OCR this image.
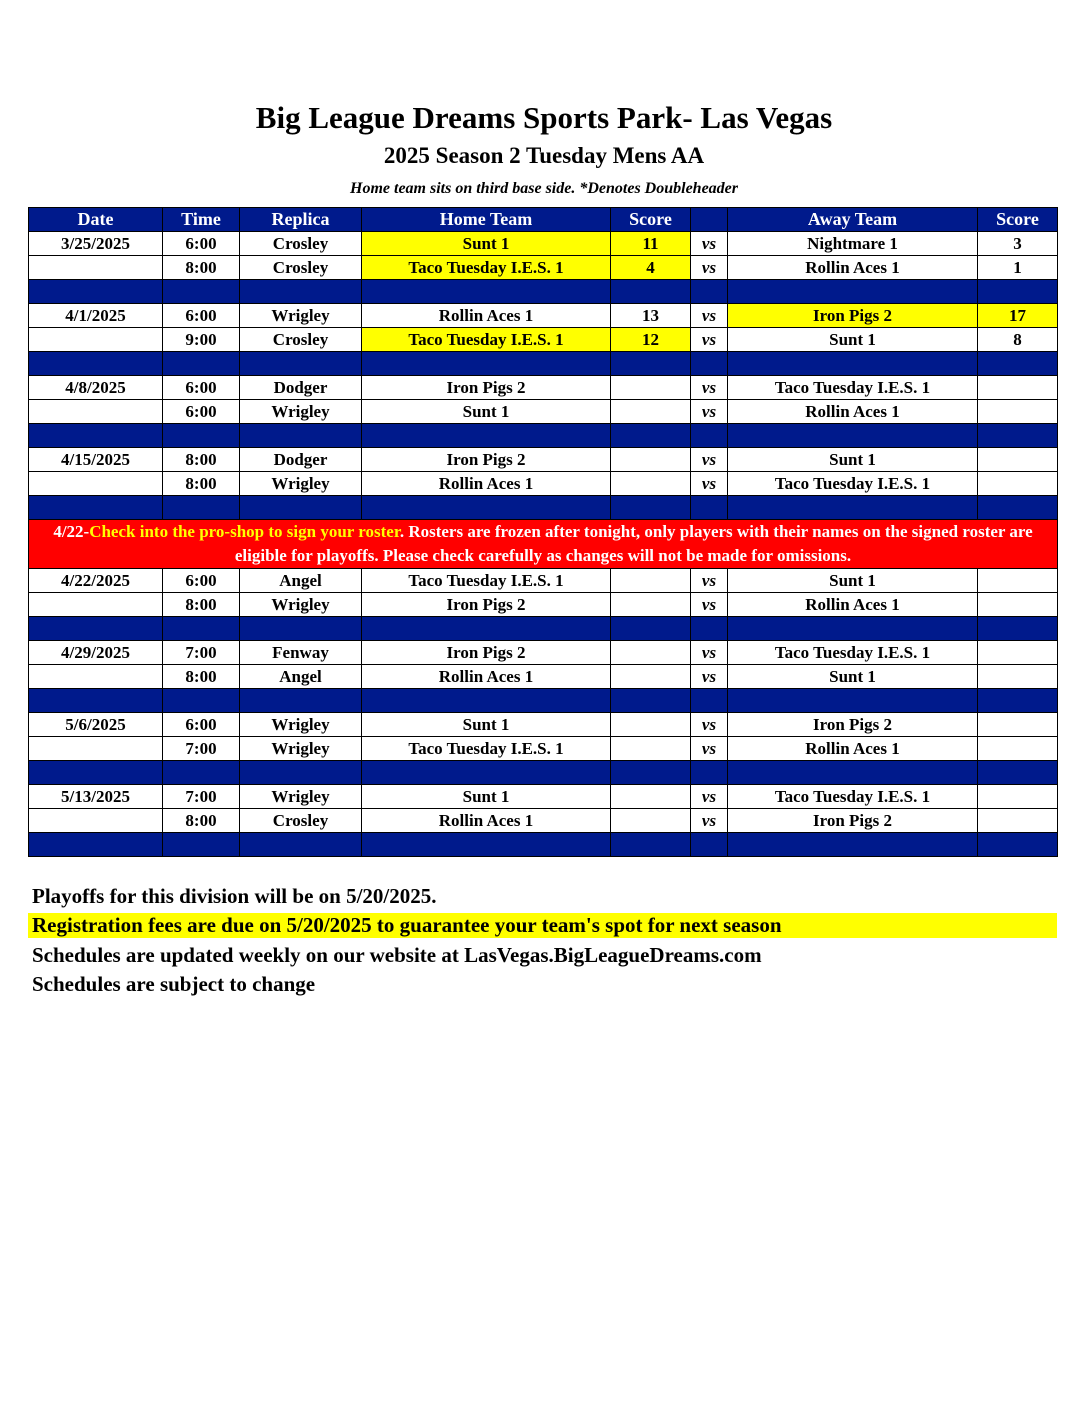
Big League Dreams Sports Park- Las Vegas
2025 Season 2 Tuesday Mens AA
Home team sits on third base side. *Denotes Doubleheader
Date	Time	Replica	Home Team	Score		Away Team	Score
3/25/2025	6:00	Crosley	Sunt 1	11	vs	Nightmare 1	3
	8:00	Crosley	Taco Tuesday I.E.S. 1	4	vs	Rollin Aces 1	1

4/1/2025	6:00	Wrigley	Rollin Aces 1	13	vs	Iron Pigs 2	17
	9:00	Crosley	Taco Tuesday I.E.S. 1	12	vs	Sunt 1	8

4/8/2025	6:00	Dodger	Iron Pigs 2		vs	Taco Tuesday I.E.S. 1	
	6:00	Wrigley	Sunt 1		vs	Rollin Aces 1	

4/15/2025	8:00	Dodger	Iron Pigs 2		vs	Sunt 1	
	8:00	Wrigley	Rollin Aces 1		vs	Taco Tuesday I.E.S. 1	

4/22-Check into the pro-shop to sign your roster. Rosters are frozen after tonight, only players with their names on the signed roster are eligible for playoffs. Please check carefully as changes will not be made for omissions.							
4/22/2025	6:00	Angel	Taco Tuesday I.E.S. 1		vs	Sunt 1	
	8:00	Wrigley	Iron Pigs 2		vs	Rollin Aces 1	

4/29/2025	7:00	Fenway	Iron Pigs 2		vs	Taco Tuesday I.E.S. 1	
	8:00	Angel	Rollin Aces 1		vs	Sunt 1	

5/6/2025	6:00	Wrigley	Sunt 1		vs	Iron Pigs 2	
	7:00	Wrigley	Taco Tuesday I.E.S. 1		vs	Rollin Aces 1	

5/13/2025	7:00	Wrigley	Sunt 1		vs	Taco Tuesday I.E.S. 1	
	8:00	Crosley	Rollin Aces 1		vs	Iron Pigs 2	

Playoffs for this division will be on 5/20/2025.
Registration fees are due on 5/20/2025 to guarantee your team's spot for next season
Schedules are updated weekly on our website at LasVegas.BigLeagueDreams.com
Schedules are subject to change
